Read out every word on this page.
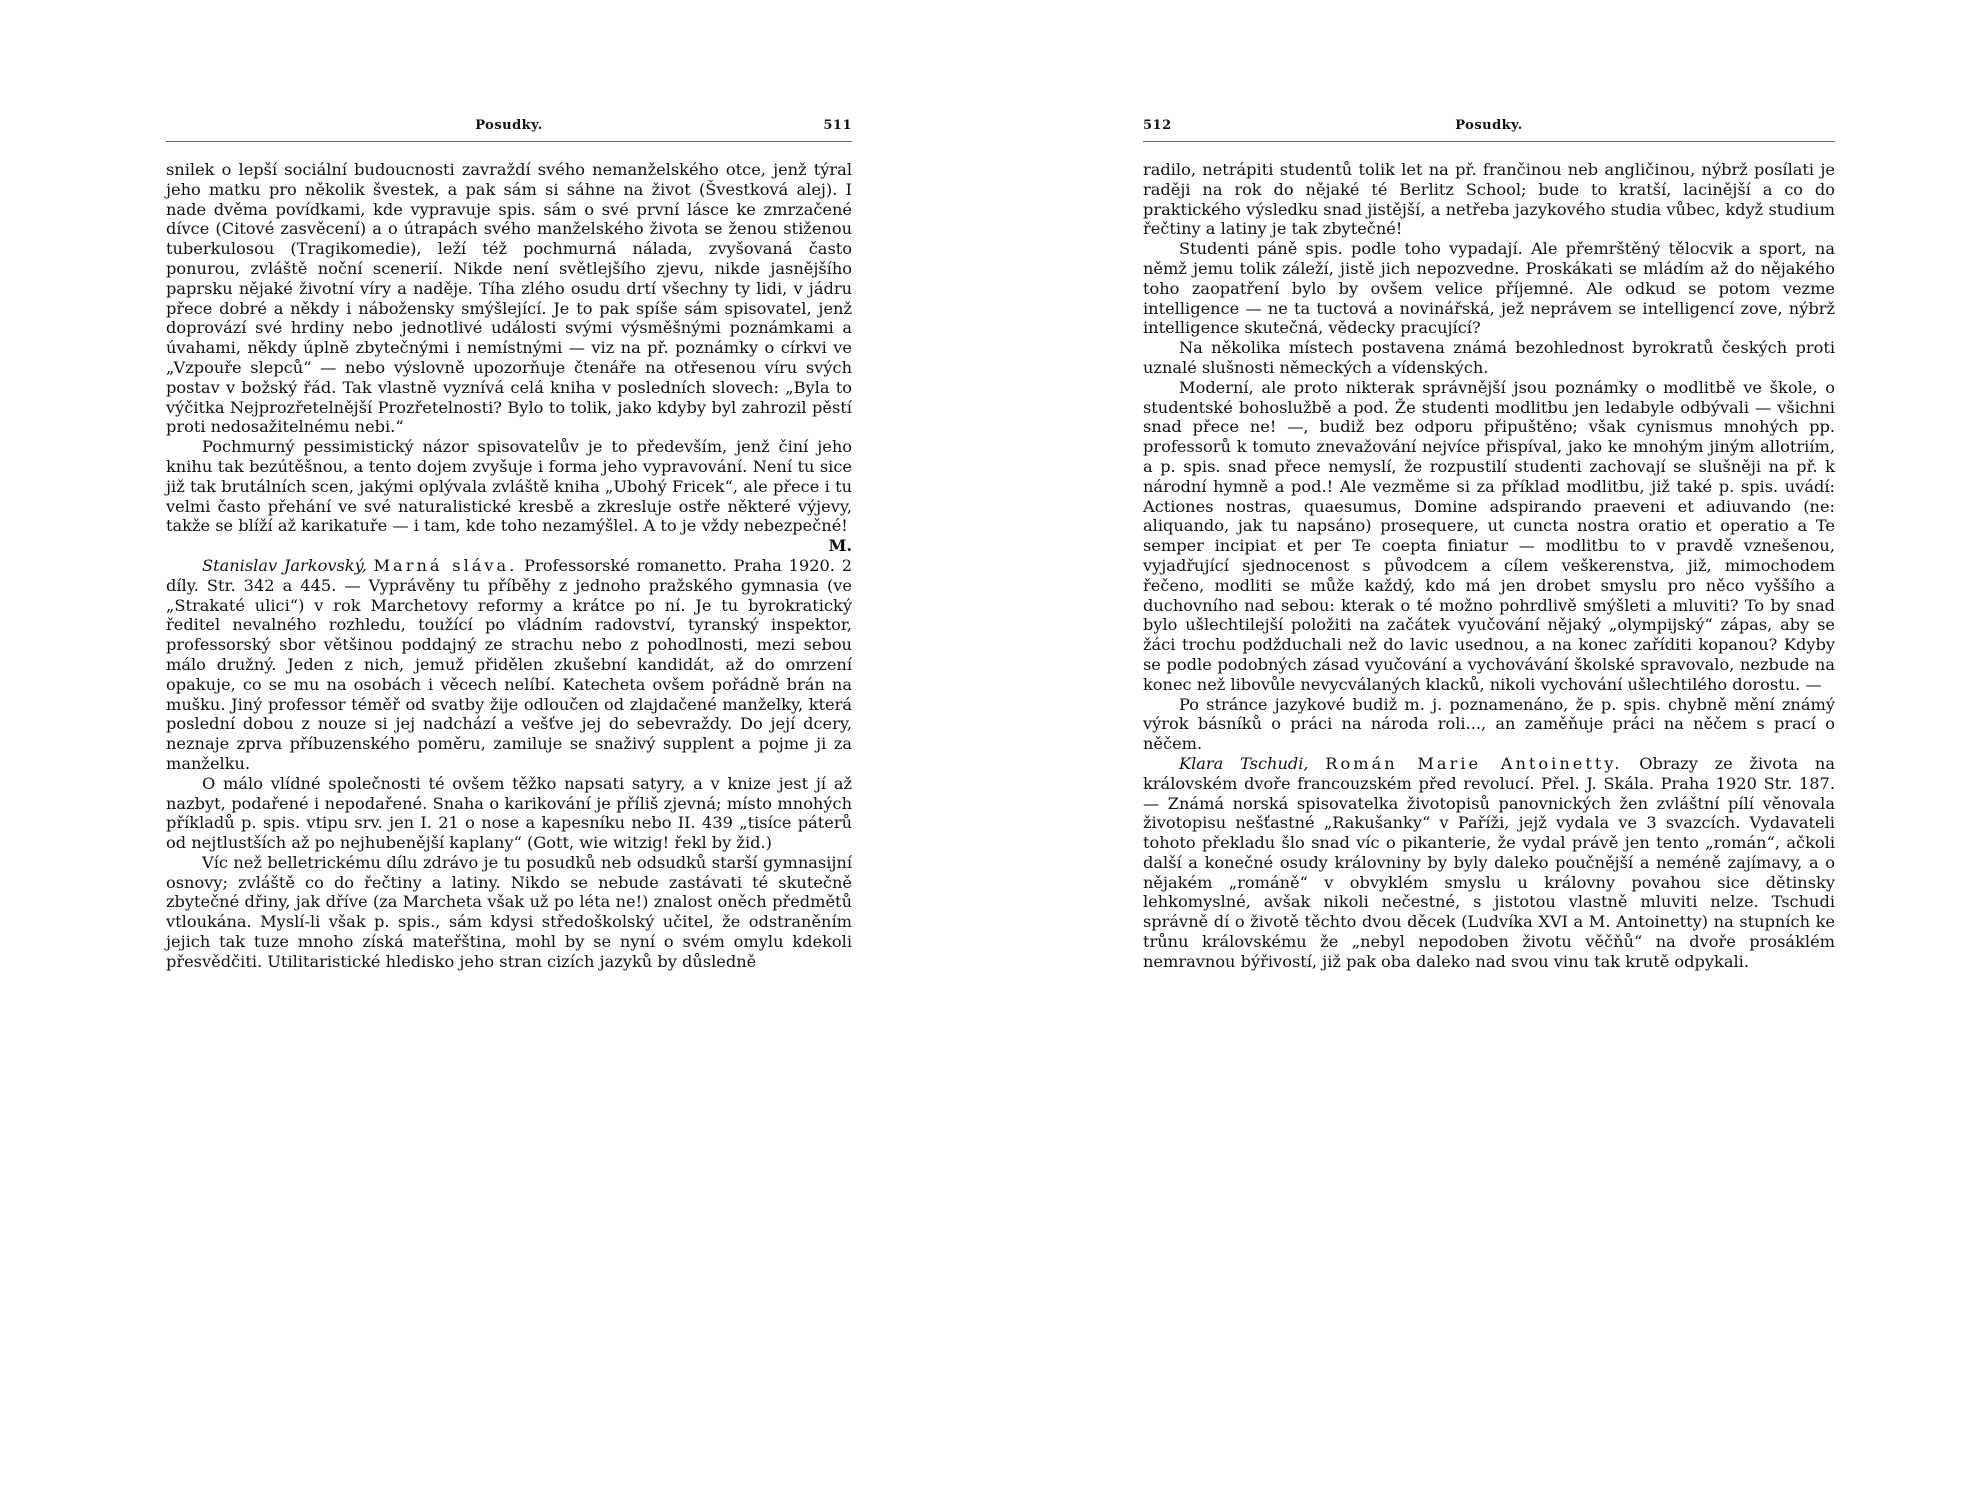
Posudky.	511

snilek o lepší sociální budoucnosti zavraždí svého nemanželského otce, jenž týral jeho matku pro několik švestek, a pak sám si sáhne na život (Švestková alej). I nade dvěma povídkami, kde vypravuje spis. sám o své první lásce ke zmrzačené dívce (Citové zasvěcení) a o útrapách svého manželského života se ženou stiženou tuberkulosou (Tragikomedie), leží též pochmurná nálada, zvyšovaná často ponurou, zvláště noční scenerií. Nikde není světlejšího zjevu, nikde jasnějšího paprsku nějaké životní víry a naděje. Tíha zlého osudu drtí všechny ty lidi, v jádru přece dobré a někdy i nábožensky smýšlející. Je to pak spíše sám spisovatel, jenž doprovází své hrdiny nebo jednotlivé události svými výsměšnými poznámkami a úvahami, někdy úplně zbytečnými i nemístnými — viz na př. poznámky o církvi ve „Vzpouře slepců“ — nebo výslovně upozorňuje čtenáře na otřesenou víru svých postav v božský řád. Tak vlastně vyznívá celá kniha v posledních slovech: „Byla to výčitka Nejprozřetelnější Prozřetelnosti? Bylo to tolik, jako kdyby byl zahrozil pěstí proti nedosažitelnému nebi.“

Pochmurný pessimistický názor spisovatelův je to především, jenž činí jeho knihu tak bezútěšnou, a tento dojem zvyšuje i forma jeho vypravování. Není tu sice již tak brutálních scen, jakými oplývala zvláště kniha „Ubohý Fricek“, ale přece i tu velmi často přehání ve své naturalistické kresbě a zkresluje ostře některé výjevy, takže se blíží až karikatuře — i tam, kde toho nezamýšlel. A to je vždy nebezpečné!

M.

Stanislav Jarkovský, Marná sláva. Professorské romanetto. Praha 1920. 2 díly. Str. 342 a 445. — Vyprávěny tu příběhy z jednoho pražského gymnasia (ve „Strakaté ulici“) v rok Marchetovy reformy a krátce po ní. Je tu byrokratický ředitel nevalného rozhledu, toužící po vládním radovství, tyranský inspektor, professorský sbor většinou poddajný ze strachu nebo z pohodlnosti, mezi sebou málo družný. Jeden z nich, jemuž přidělen zkušební kandidát, až do omrzení opakuje, co se mu na osobách i věcech nelíbí. Katecheta ovšem pořádně brán na mušku. Jiný professor téměř od svatby žije odloučen od zlajdačené manželky, která poslední dobou z nouze si jej nadchází a vešťve jej do sebevraždy. Do její dcery, neznaje zprva příbuzenského poměru, zamiluje se snaživý supplent a pojme ji za manželku.

O málo vlídné společnosti té ovšem těžko napsati satyry, a v knize jest jí až nazbyt, podařené i nepodařené. Snaha o karikování je příliš zjevná; místo mnohých příkladů p. spis. vtipu srv. jen I. 21 o nose a kapesníku nebo II. 439 „tisíce páterů od nejtlustších až po nejhubenější kaplany“ (Gott, wie witzig! řekl by žid.)

Víc než belletrickému dílu zdrávo je tu posudků neb odsudků starší gymnasijní osnovy; zvláště co do řečtiny a latiny. Nikdo se nebude zastávati té skutečně zbytečné dřiny, jak dříve (za Marcheta však už po léta ne!) znalost oněch předmětů vtloukána. Myslí-li však p. spis., sám kdysi středoškolský učitel, že odstraněním jejich tak tuze mnoho získá mateřština, mohl by se nyní o svém omylu kdekoli přesvědčiti. Utilitaristické hledisko jeho stran cizích jazyků by důsledně

512	Posudky.

radilo, netrápiti studentů tolik let na př. frančinou neb angličinou, nýbrž posílati je raději na rok do nějaké té Berlitz School; bude to kratší, lacinější a co do praktického výsledku snad jistější, a netřeba jazykového studia vůbec, když studium řečtiny a latiny je tak zbytečné!

Studenti páně spis. podle toho vypadají. Ale přemrštěný tělocvik a sport, na němž jemu tolik záleží, jistě jich nepozvedne. Proskákati se mládím až do nějakého toho zaopatření bylo by ovšem velice příjemné. Ale odkud se potom vezme intelligence — ne ta tuctová a novinářská, jež neprávem se intelligencí zove, nýbrž intelligence skutečná, vědecky pracující?

Na několika místech postavena známá bezohlednost byrokratů českých proti uznalé slušnosti německých a vídenských.

Moderní, ale proto nikterak správnější jsou poznámky o modlitbě ve škole, o studentské bohoslužbě a pod. Že studenti modlitbu jen ledabyle odbývali — všichni snad přece ne! —, budiž bez odporu připuštěno; však cynismus mnohých pp. professorů k tomuto znevažování nejvíce přispíval, jako ke mnohým jiným allotriím, a p. spis. snad přece nemyslí, že rozpustilí studenti zachovají se slušněji na př. k národní hymně a pod.! Ale vezměme si za příklad modlitbu, již také p. spis. uvádí: Actiones nostras, quaesumus, Domine adspirando praeveni et adiuvando (ne: aliquando, jak tu napsáno) prosequere, ut cuncta nostra oratio et operatio a Te semper incipiat et per Te coepta finiatur — modlitbu to v pravdě vznešenou, vyjadřující sjednocenost s původcem a cílem veškerenstva, již, mimochodem řečeno, modliti se může každý, kdo má jen drobet smyslu pro něco vyššího a duchovního nad sebou: kterak o té možno pohrdlivě smýšleti a mluviti? To by snad bylo ušlechtilejší položiti na začátek vyučování nějaký „olympijský“ zápas, aby se žáci trochu podžduchali než do lavic usednou, a na konec zaříditi kopanou? Kdyby se podle podobných zásad vyučování a vychovávání školské spravovalo, nezbude na konec než libovůle nevycválaných klacků, nikoli vychování ušlechtilého dorostu. —

Po stránce jazykové budiž m. j. poznamenáno, že p. spis. chybně mění známý výrok básníků o práci na národa roli..., an zaměňuje práci na něčem s prací o něčem.

Klara Tschudi, Román Marie Antoinetty. Obrazy ze života na královském dvoře francouzském před revolucí. Přel. J. Skála. Praha 1920 Str. 187. — Známá norská spisovatelka životopisů panovnických žen zvláštní pílí věnovala životopisu nešťastné „Rakušanky“ v Paříži, jejž vydala ve 3 svazcích. Vydavateli tohoto překladu šlo snad víc o pikanterie, že vydal právě jen tento „román“, ačkoli další a konečné osudy královniny by byly daleko poučnější a neméně zajímavy, a o nějakém „románě“ v obvyklém smyslu u královny povahou sice dětinsky lehkomyslné, avšak nikoli nečestné, s jistotou vlastně mluviti nelze. Tschudi správně dí o životě těchto dvou děcek (Ludvíka XVI a M. Antoinetty) na stupních ke trůnu královskému že „nebyl nepodoben životu věčňů“ na dvoře prosáklém nemravnou býřivostí, již pak oba daleko nad svou vinu tak krutě odpykali.
